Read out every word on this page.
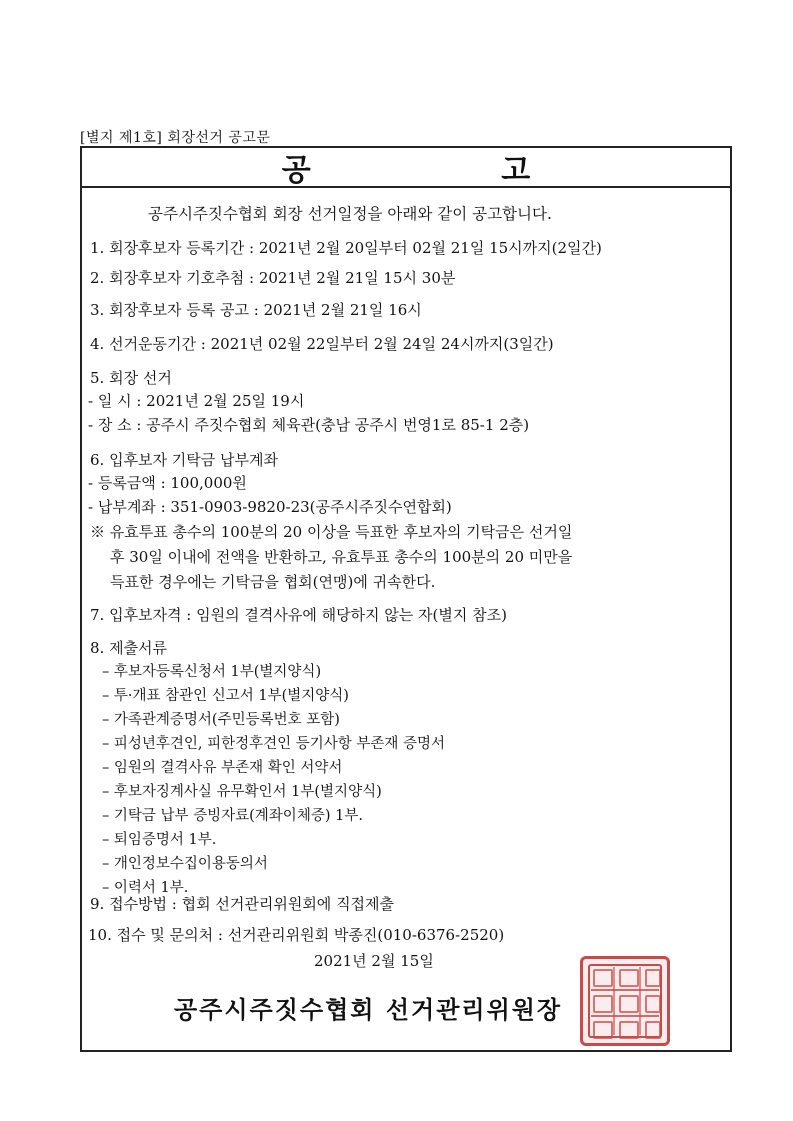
[별지 제1호] 회장선거 공고문
공 고
공주시주짓수협회 회장 선거일정을 아래와 같이 공고합니다.
1. 회장후보자 등록기간 : 2021년 2월 20일부터 02월 21일 15시까지(2일간)
2. 회장후보자 기호추첨 : 2021년 2월 21일 15시 30분
3. 회장후보자 등록 공고 : 2021년 2월 21일 16시
4. 선거운동기간 : 2021년 02월 22일부터 2월 24일 24시까지(3일간)
5. 회장 선거
- 일 시 : 2021년 2월 25일 19시
- 장 소 : 공주시 주짓수협회 체육관(충남 공주시 번영1로 85-1 2층)
6. 입후보자 기탁금 납부계좌
- 등록금액 : 100,000원
- 납부계좌 : 351-0903-9820-23(공주시주짓수연합회)
※ 유효투표 총수의 100분의 20 이상을 득표한 후보자의 기탁금은 선거일
후 30일 이내에 전액을 반환하고, 유효투표 총수의 100분의 20 미만을
득표한 경우에는 기탁금을 협회(연맹)에 귀속한다.
7. 입후보자격 : 임원의 결격사유에 해당하지 않는 자(별지 참조)
8. 제출서류
– 후보자등록신청서 1부(별지양식)
– 투·개표 참관인 신고서 1부(별지양식)
– 가족관계증명서(주민등록번호 포함)
– 피성년후견인, 피한정후견인 등기사항 부존재 증명서
– 임원의 결격사유 부존재 확인 서약서
– 후보자징계사실 유무확인서 1부(별지양식)
– 기탁금 납부 증빙자료(계좌이체증) 1부.
– 퇴임증명서 1부.
– 개인정보수집이용동의서
– 이력서 1부.
9. 접수방법 : 협회 선거관리위원회에 직접제출
10. 접수 및 문의처 : 선거관리위원회 박종진(010-6376-2520)
2021년 2월 15일
공주시주짓수협회 선거관리위원장
